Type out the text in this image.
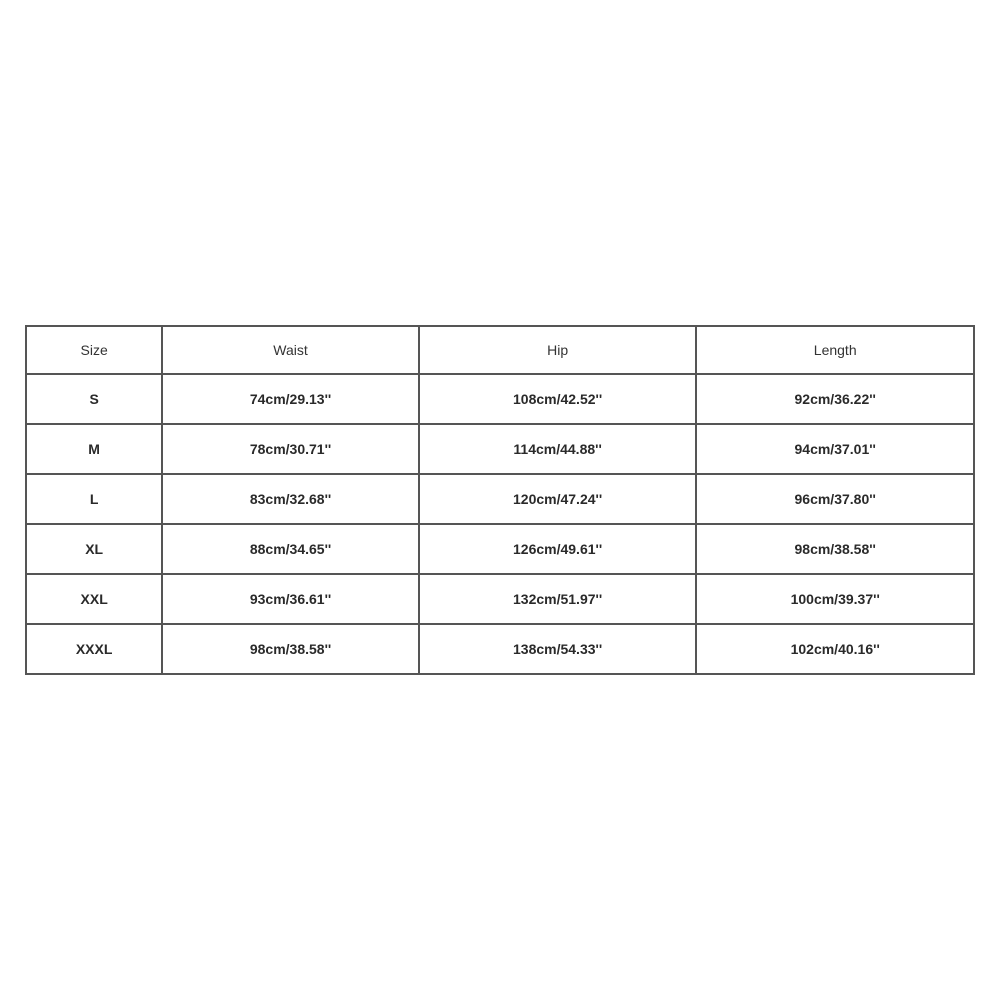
Size	Waist	Hip	Length
S	74cm/29.13''	108cm/42.52''	92cm/36.22''
M	78cm/30.71''	114cm/44.88''	94cm/37.01''
L	83cm/32.68''	120cm/47.24''	96cm/37.80''
XL	88cm/34.65''	126cm/49.61''	98cm/38.58''
XXL	93cm/36.61''	132cm/51.97''	100cm/39.37''
XXXL	98cm/38.58''	138cm/54.33''	102cm/40.16''
